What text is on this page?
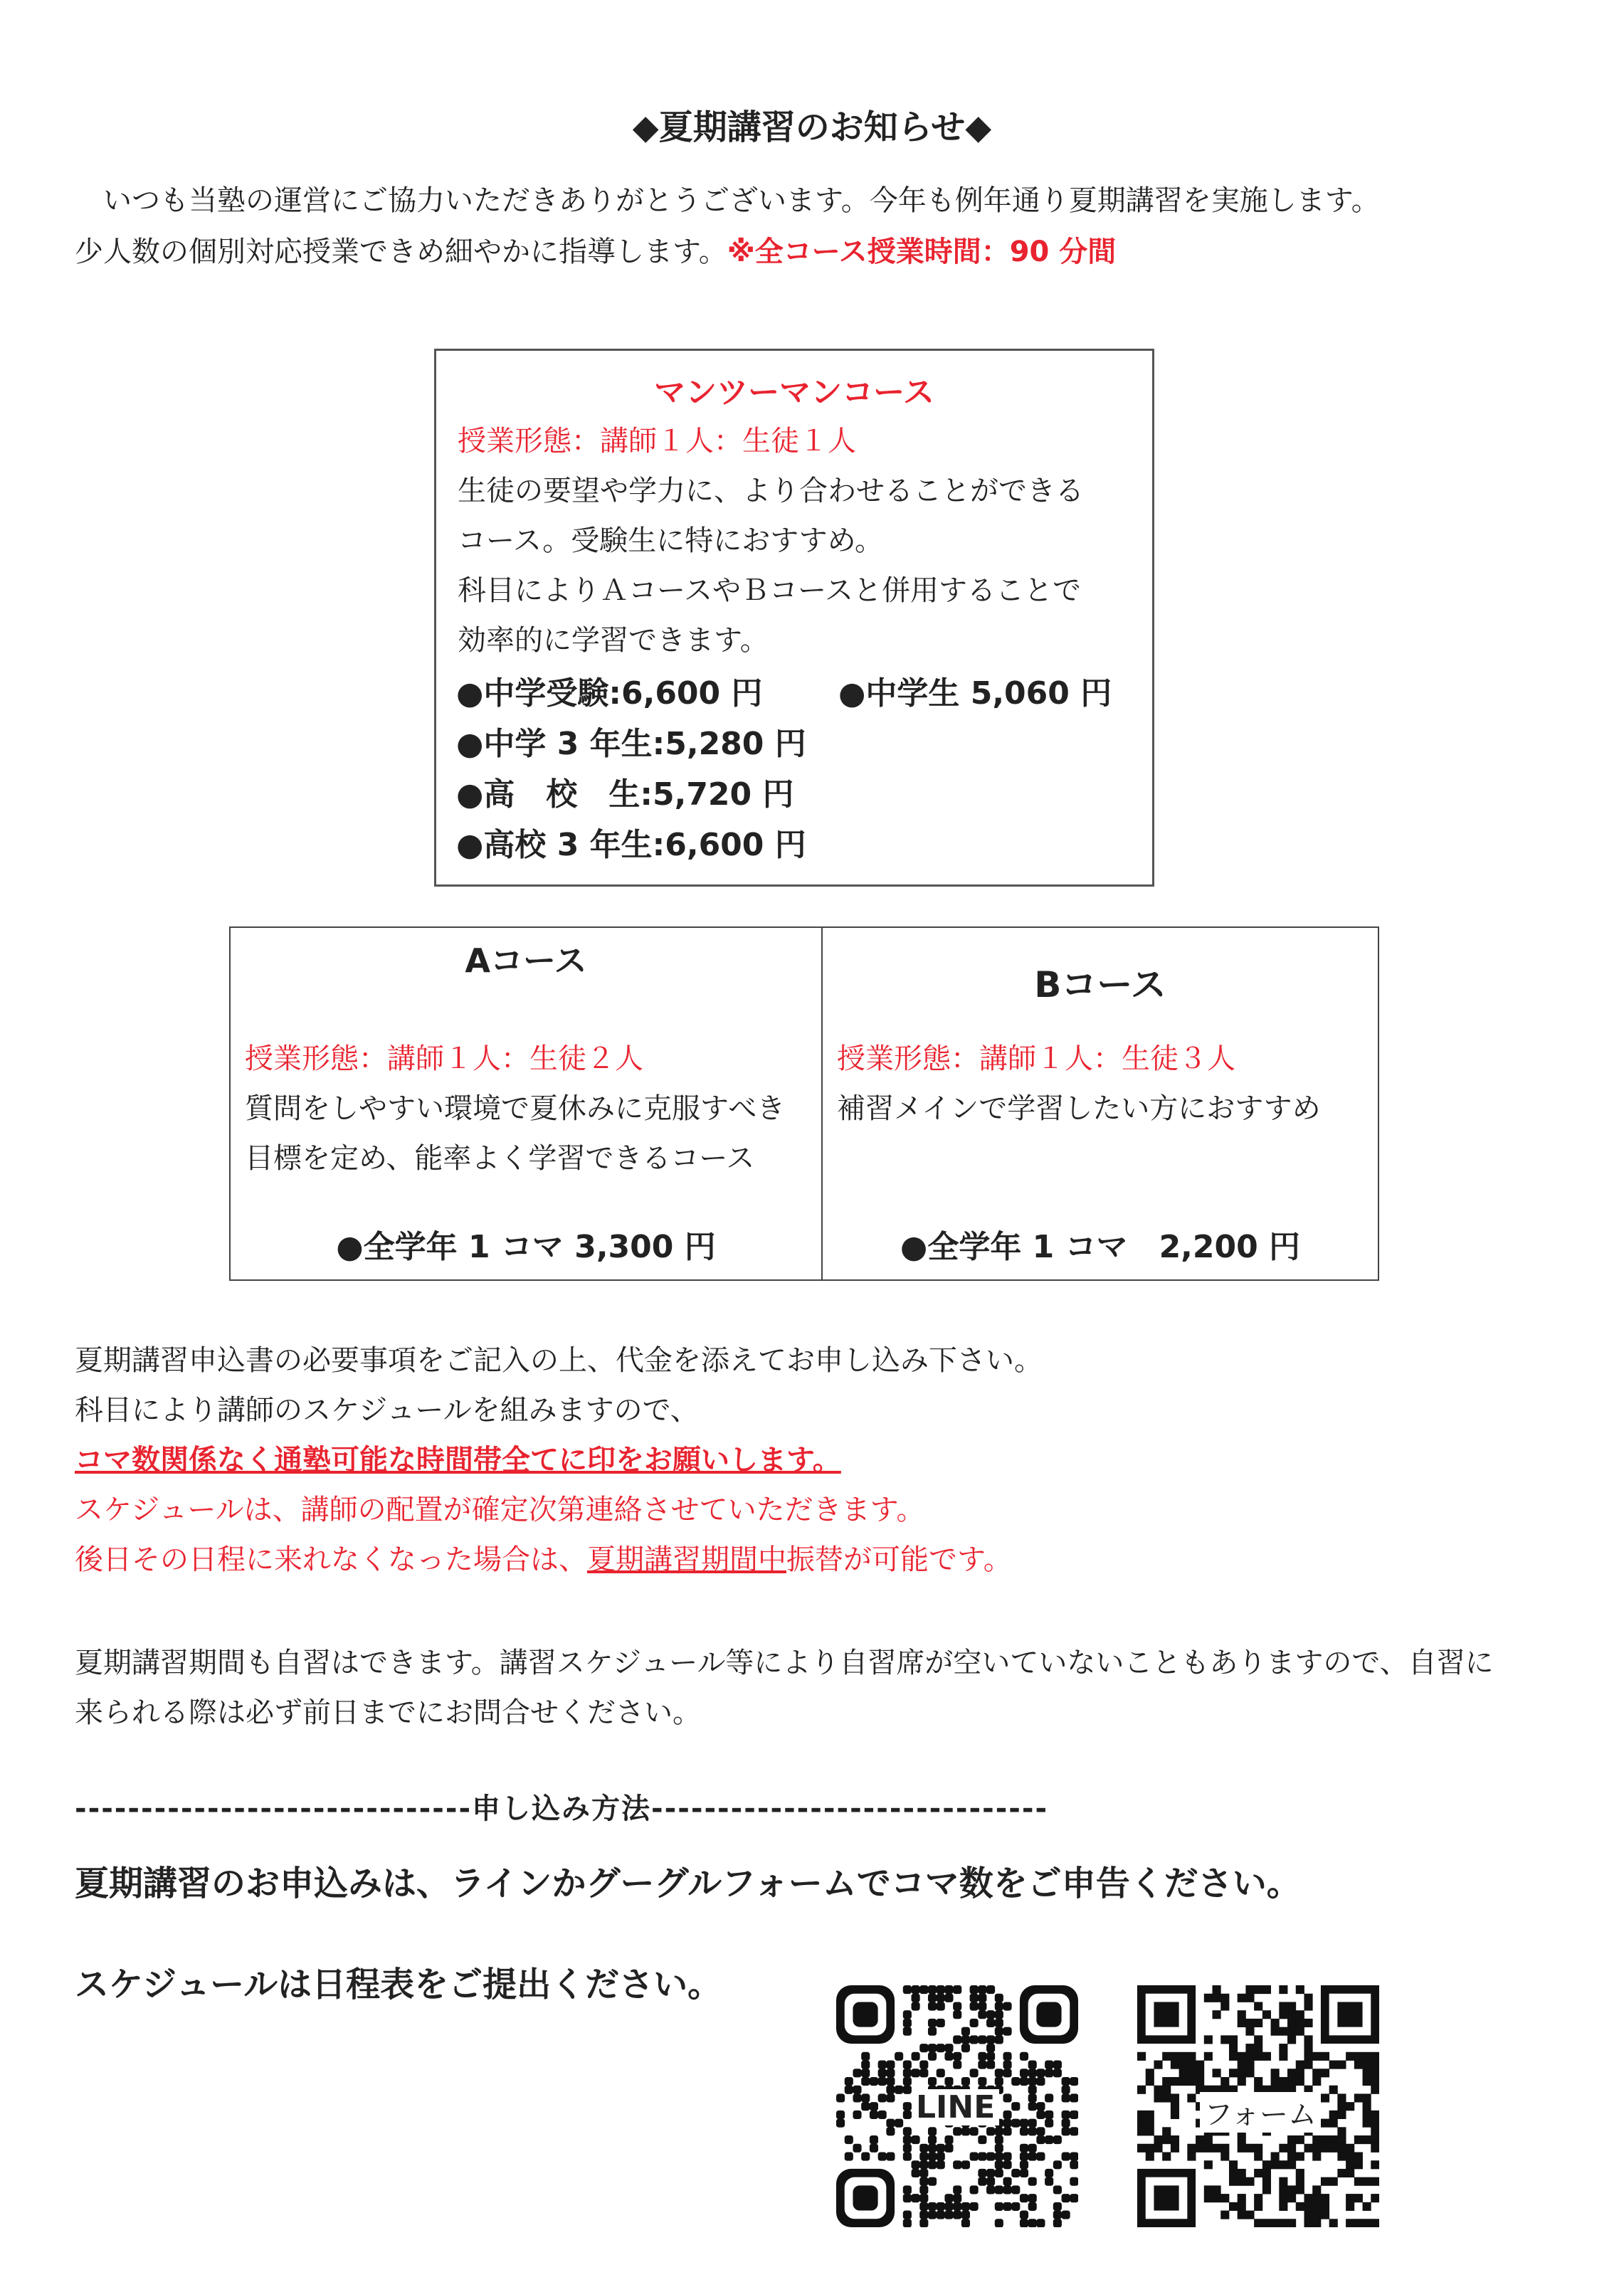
◆夏期講習のお知らせ◆
いつも当塾の運営にご協力いただきありがとうございます。今年も例年通り夏期講習を実施します。
少人数の個別対応授業できめ細やかに指導します。※全コース授業時間：90 分間
マンツーマンコース
授業形態：講師１人：生徒１人
生徒の要望や学力に、より合わせることができる
コース。受験生に特におすすめ。
科目によりＡコースやＢコースと併用することで
効率的に学習できます。
●中学受験:6,600 円 ●中学生 5,060 円
●中学 3 年生:5,280 円
●高　校　生:5,720 円
●高校 3 年生:6,600 円
Aコース
授業形態：講師１人：生徒２人
質問をしやすい環境で夏休みに克服すべき
目標を定め、能率よく学習できるコース
●全学年 1 コマ 3,300 円
Bコース
授業形態：講師１人：生徒３人
補習メインで学習したい方におすすめ
●全学年 1 コマ　2,200 円
夏期講習申込書の必要事項をご記入の上、代金を添えてお申し込み下さい。
科目により講師のスケジュールを組みますので、
コマ数関係なく通塾可能な時間帯全てに印をお願いします。
スケジュールは、講師の配置が確定次第連絡させていただきます。
後日その日程に来れなくなった場合は、夏期講習期間中振替が可能です。
夏期講習期間も自習はできます。講習スケジュール等により自習席が空いていないこともありますので、自習に
来られる際は必ず前日までにお問合せください。
------------------------------申し込み方法------------------------------
夏期講習のお申込みは、ラインかグーグルフォームでコマ数をご申告ください。
スケジュールは日程表をご提出ください。
LINE	フォーム
